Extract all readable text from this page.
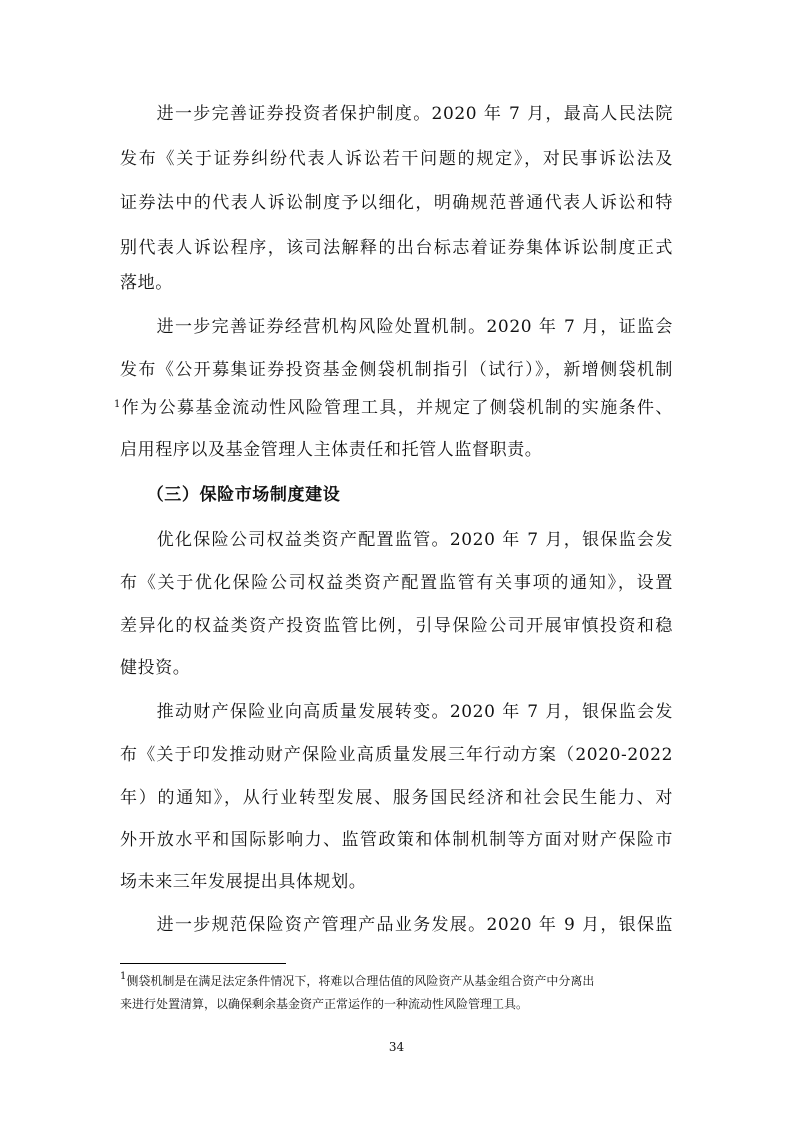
　　进一步完善证券投资者保护制度。2020 年 7 月，最高人民法院
发布《关于证券纠纷代表人诉讼若干问题的规定》，对民事诉讼法及
证券法中的代表人诉讼制度予以细化，明确规范普通代表人诉讼和特
别代表人诉讼程序，该司法解释的出台标志着证券集体诉讼制度正式
落地。
　　进一步完善证券经营机构风险处置机制。2020 年 7 月，证监会
发布《公开募集证券投资基金侧袋机制指引（试行）》，新增侧袋机制
$^1$作为公募基金流动性风险管理工具，并规定了侧袋机制的实施条件、
启用程序以及基金管理人主体责任和托管人监督职责。
　　（三）保险市场制度建设
　　优化保险公司权益类资产配置监管。2020 年 7 月，银保监会发
布《关于优化保险公司权益类资产配置监管有关事项的通知》，设置
差异化的权益类资产投资监管比例，引导保险公司开展审慎投资和稳
健投资。
　　推动财产保险业向高质量发展转变。2020 年 7 月，银保监会发
布《关于印发推动财产保险业高质量发展三年行动方案（2020-2022
年）的通知》，从行业转型发展、服务国民经济和社会民生能力、对
外开放水平和国际影响力、监管政策和体制机制等方面对财产保险市
场未来三年发展提出具体规划。
　　进一步规范保险资产管理产品业务发展。2020 年 9 月，银保监
$^1$侧袋机制是在满足法定条件情况下，将难以合理估值的风险资产从基金组合资产中分离出
来进行处置清算，以确保剩余基金资产正常运作的一种流动性风险管理工具。
34
